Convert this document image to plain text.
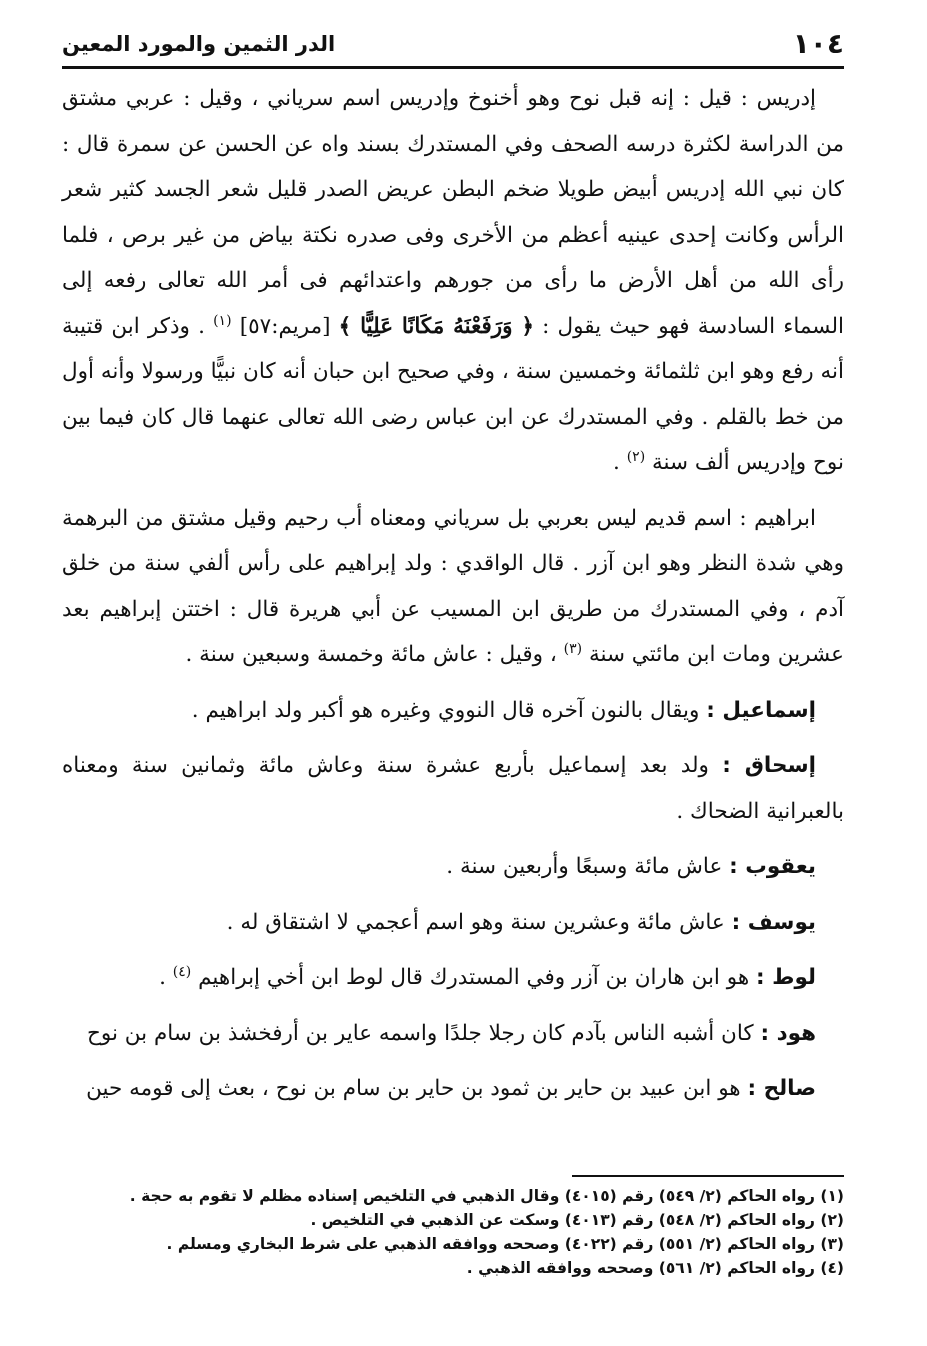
١٠٤
الدر الثمين والمورد المعين

إدريس : قيل : إنه قبل نوح وهو أخنوخ وإدريس اسم سرياني ، وقيل : عربي مشتق من الدراسة لكثرة درسه الصحف وفي المستدرك بسند واه عن الحسن عن سمرة قال : كان نبي الله إدريس أبيض طويلا ضخم البطن عريض الصدر قليل شعر الجسد كثير شعر الرأس وكانت إحدى عينيه أعظم من الأخرى وفى صدره نكتة بياض من غير برص ، فلما رأى الله من أهل الأرض ما رأى من جورهم واعتدائهم فى أمر الله تعالى رفعه إلى السماء السادسة فهو حيث يقول : ﴿ وَرَفَعْنَهُ مَكَانًا عَلِيًّا ﴾ [مريم:٥٧] $^{(١)}$ . وذكر ابن قتيبة أنه رفع وهو ابن ثلثمائة وخمسين سنة ، وفي صحيح ابن حبان أنه كان نبيًّا ورسولا وأنه أول من خط بالقلم . وفي المستدرك عن ابن عباس رضى الله تعالى عنهما قال كان فيما بين نوح وإدريس ألف سنة $^{(٢)}$ .

ابراهيم : اسم قديم ليس بعربي بل سرياني ومعناه أب رحيم وقيل مشتق من البرهمة وهي شدة النظر وهو ابن آزر . قال الواقدي : ولد إبراهيم على رأس ألفي سنة من خلق آدم ، وفي المستدرك من طريق ابن المسيب عن أبي هريرة قال : اختتن إبراهيم بعد عشرين ومات ابن مائتي سنة $^{(٣)}$ ، وقيل : عاش مائة وخمسة وسبعين سنة .

إسماعيل : ويقال بالنون آخره قال النووي وغيره هو أكبر ولد ابراهيم .

إسحاق : ولد بعد إسماعيل بأربع عشرة سنة وعاش مائة وثمانين سنة ومعناه بالعبرانية الضحاك .

يعقوب : عاش مائة وسبعًا وأربعين سنة .

يوسف : عاش مائة وعشرين سنة وهو اسم أعجمي لا اشتقاق له .

لوط : هو ابن هاران بن آزر وفي المستدرك قال لوط ابن أخي إبراهيم $^{(٤)}$ .

هود : كان أشبه الناس بآدم كان رجلا جلدًا واسمه عاير بن أرفخشذ بن سام بن نوح

صالح : هو ابن عبيد بن حاير بن ثمود بن حاير بن سام بن نوح ، بعث إلى قومه حين

(١) رواه الحاكم (٢/ ٥٤٩) رقم (٤٠١٥) وقال الذهبي في التلخيص إسناده مظلم لا تقوم به حجة .

(٢) رواه الحاكم (٢/ ٥٤٨) رقم (٤٠١٣) وسكت عن الذهبي في التلخيص .

(٣) رواه الحاكم (٢/ ٥٥١) رقم (٤٠٢٢) وصححه ووافقه الذهبي على شرط البخاري ومسلم .

(٤) رواه الحاكم (٢/ ٥٦١) وصححه ووافقه الذهبي .
